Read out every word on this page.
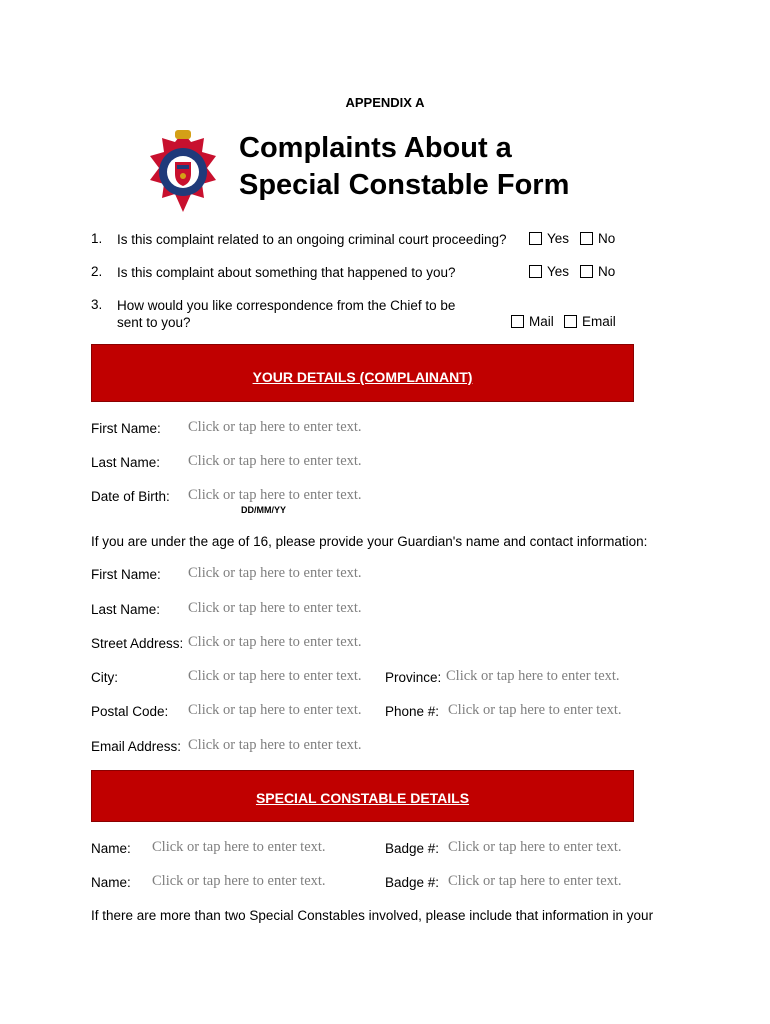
APPENDIX A
Complaints About a
Special Constable Form
1. Is this complaint related to an ongoing criminal court proceeding?	Yes	No
2. Is this complaint about something that happened to you?	Yes	No
3. How would you like correspondence from the Chief to be
sent to you?	Mail	Email
YOUR DETAILS (COMPLAINANT)
First Name: Click or tap here to enter text.
Last Name: Click or tap here to enter text.
Date of Birth: Click or tap here to enter text.
DD/MM/YY
If you are under the age of 16, please provide your Guardian's name and contact information:
First Name: Click or tap here to enter text.
Last Name: Click or tap here to enter text.
Street Address: Click or tap here to enter text.
City:	Click or tap here to enter text. Province: Click or tap here to enter text.
Postal Code: Click or tap here to enter text. Phone #: Click or tap here to enter text.
Email Address: Click or tap here to enter text.
SPECIAL CONSTABLE DETAILS
Name: Click or tap here to enter text.	Badge #: Click or tap here to enter text.
Name: Click or tap here to enter text.	Badge #: Click or tap here to enter text.
If there are more than two Special Constables involved, please include that information in your
